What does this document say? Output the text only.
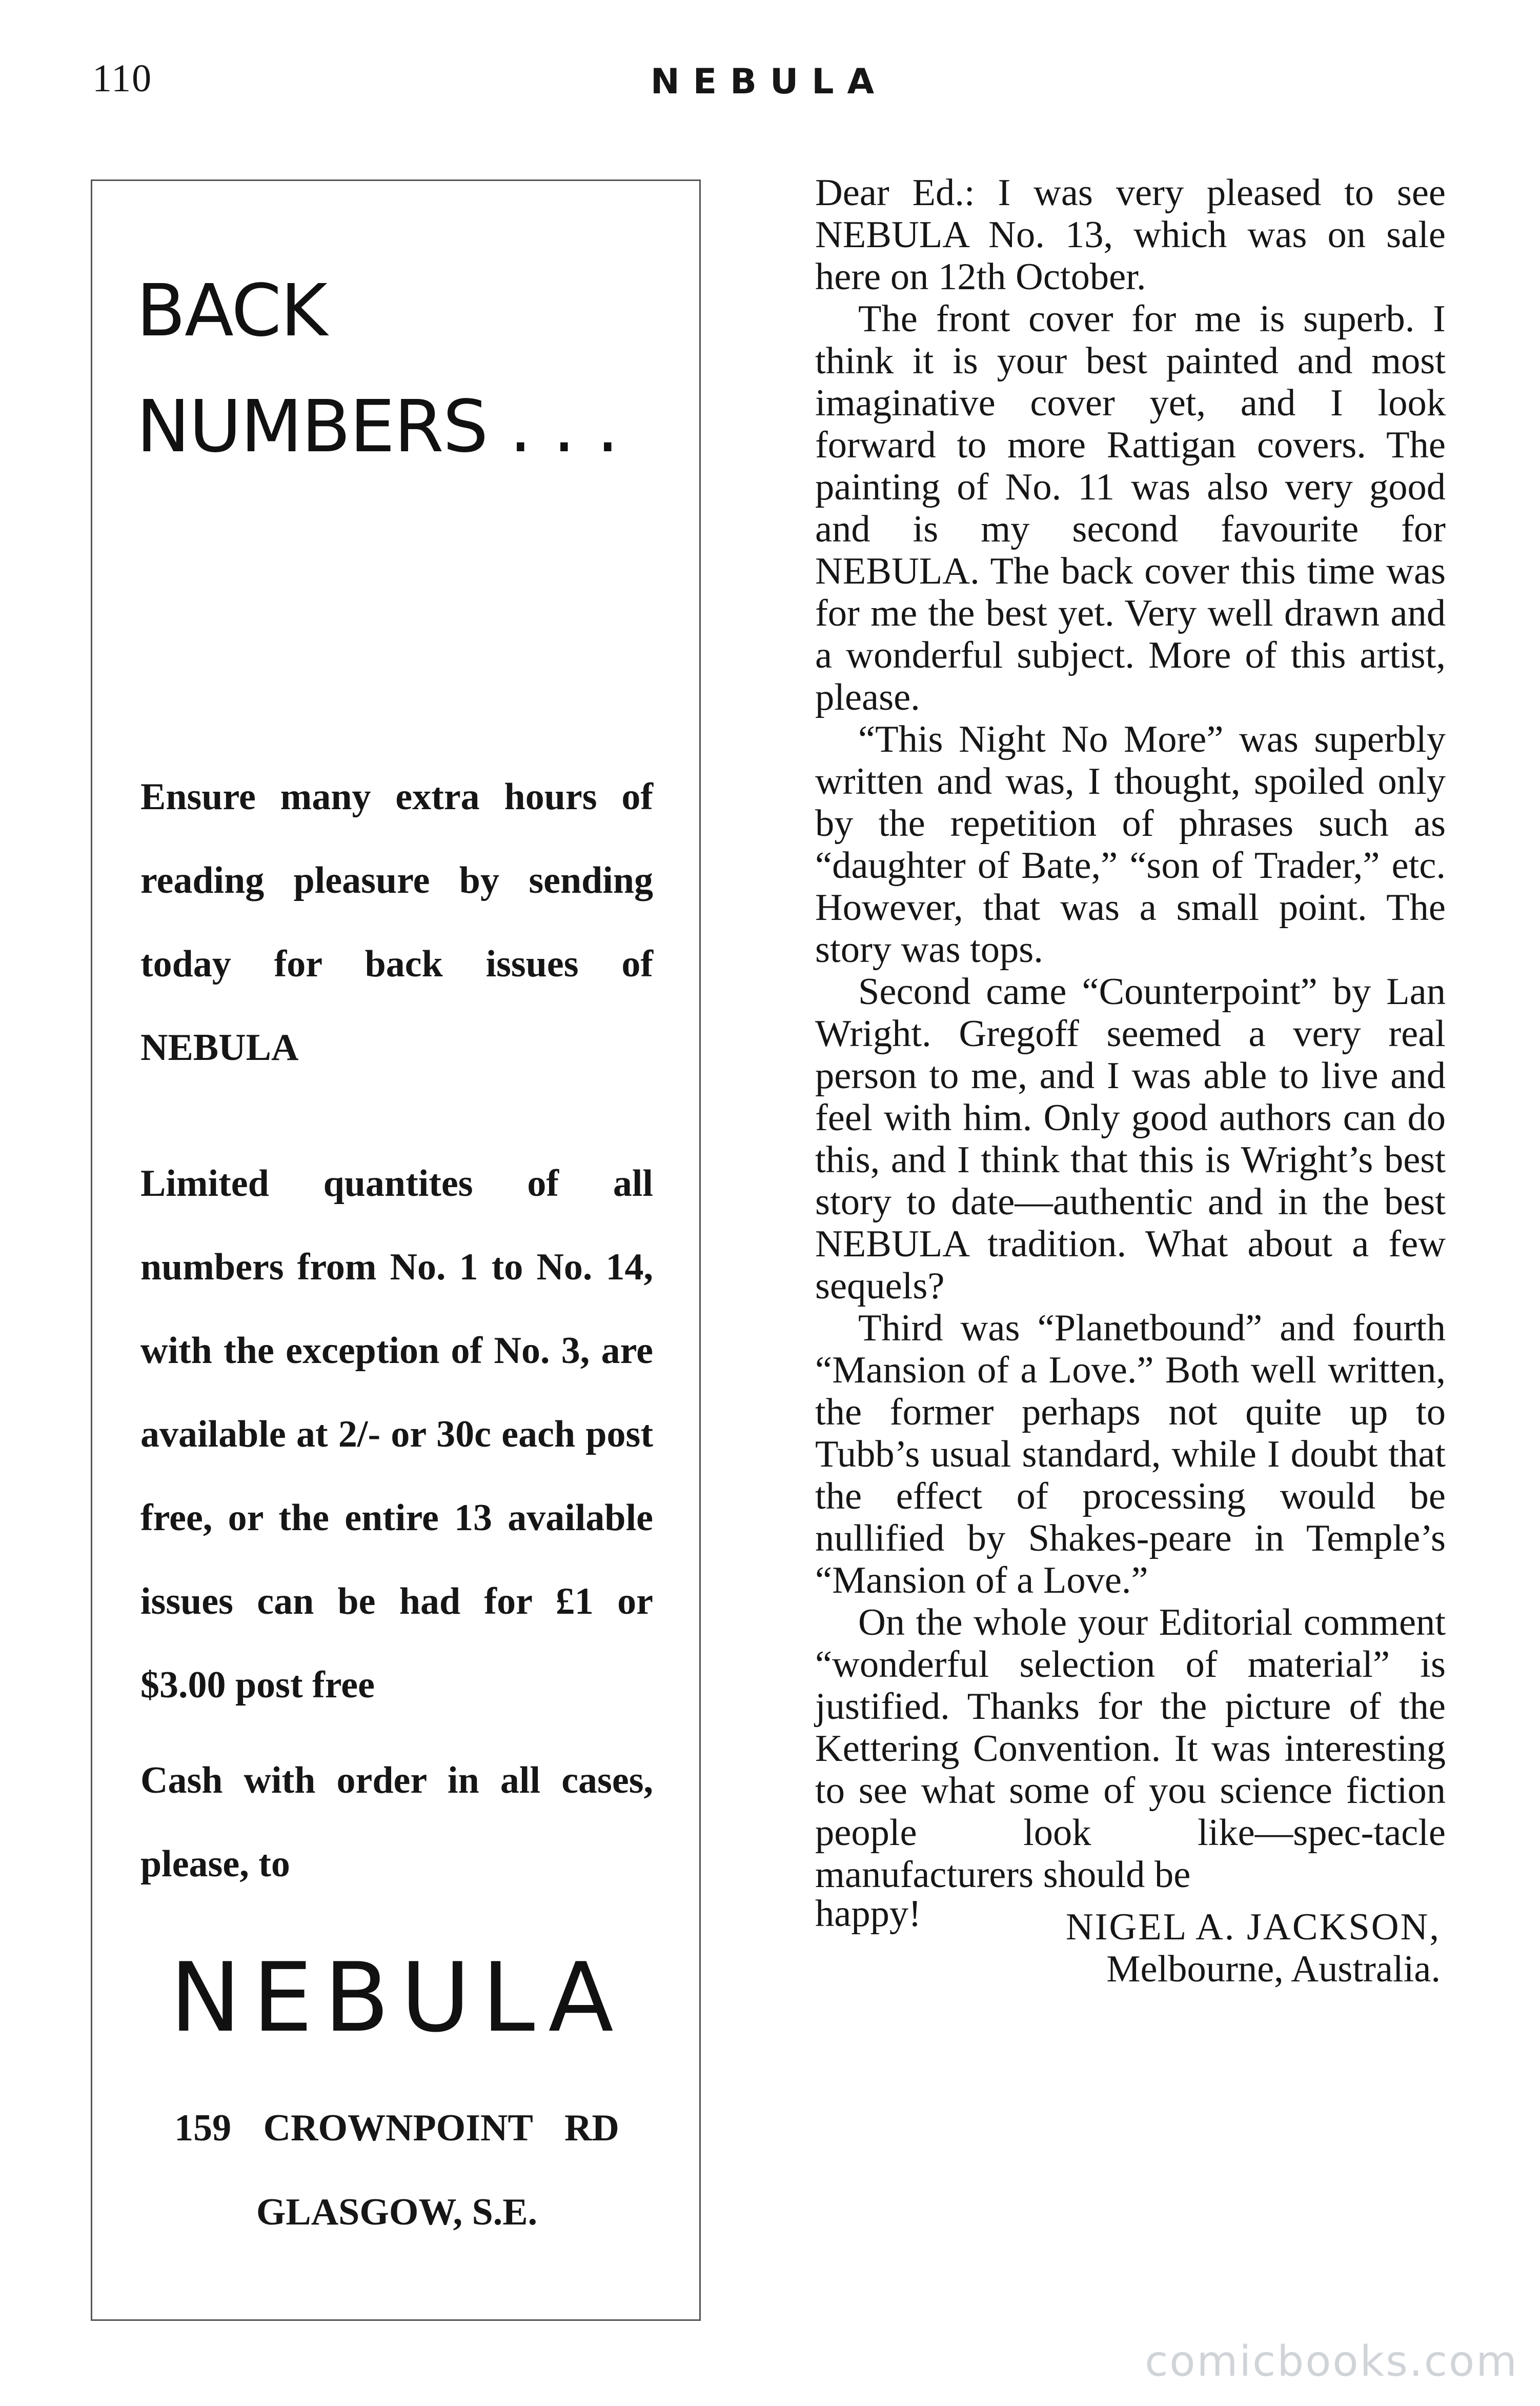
110	NEBULA
BACK
NUMBERS . . .
Ensure many extra hours of reading pleasure by sending today for back issues of NEBULA
Limited quantites of all numbers from No. 1 to No. 14, with the exception of No. 3, are available at 2/- or 30c each post free, or the entire 13 available issues can be had for £1 or $3.00 post free
Cash with order in all cases, please, to
NEBULA
159 CROWNPOINT RD
GLASGOW, S.E.

Dear Ed.: I was very pleased to see NEBULA No. 13, which was on sale here on 12th October.

The front cover for me is superb. I think it is your best painted and most imaginative cover yet, and I look forward to more Rattigan covers. The painting of No. 11 was also very good and is my second favourite for NEBULA. The back cover this time was for me the best yet. Very well drawn and a wonderful subject. More of this artist, please.

“This Night No More” was superbly written and was, I thought, spoiled only by the repetition of phrases such as “daughter of Bate,” “son of Trader,” etc. However, that was a small point. The story was tops.

Second came “Counterpoint” by Lan Wright. Gregoff seemed a very real person to me, and I was able to live and feel with him. Only good authors can do this, and I think that this is Wright’s best story to date—authentic and in the best NEBULA tradition. What about a few sequels?

Third was “Planetbound” and fourth “Mansion of a Love.” Both well written, the former perhaps not quite up to Tubb’s usual standard, while I doubt that the effect of processing would be nullified by Shakes-peare in Temple’s “Mansion of a Love.”

On the whole your Editorial comment “wonderful selection of material” is justified. Thanks for the picture of the Kettering Convention. It was interesting to see what some of you science fiction people look like—spec-tacle manufacturers should be

happy!	NIGEL A. JACKSON,
Melbourne, Australia.
comicbooks.com
